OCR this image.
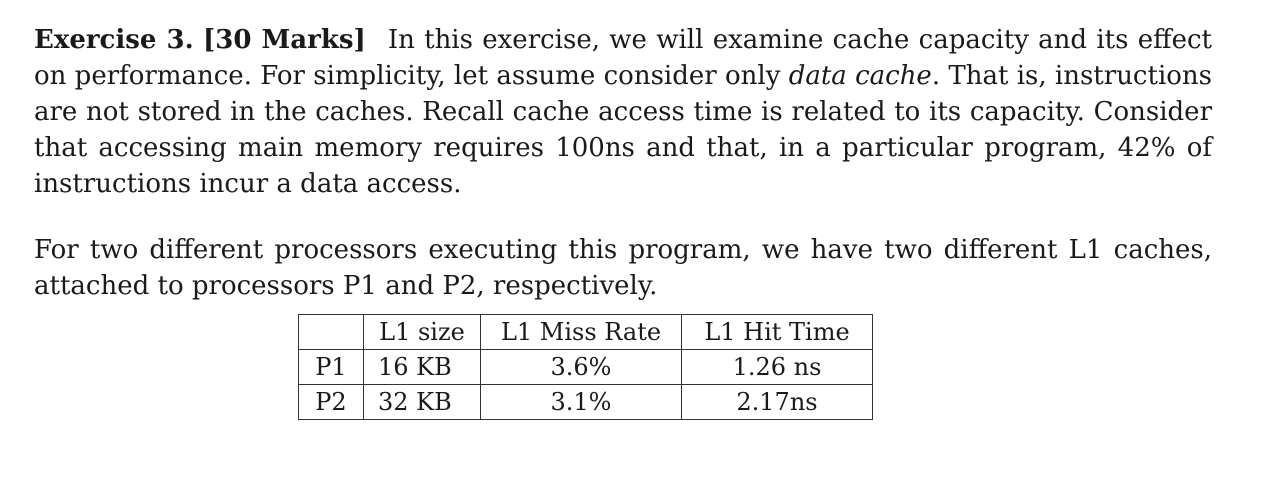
Exercise 3. [30 Marks] In this exercise, we will examine cache capacity and its effect on performance. For simplicity, let assume consider only data cache. That is, instructions are not stored in the caches. Recall cache access time is related to its capacity. Consider that accessing main memory requires 100ns and that, in a particular program, 42% of instructions incur a data access.

For two different processors executing this program, we have two different L1 caches, attached to processors P1 and P2, respectively.

	L1 size	L1 Miss Rate	L1 Hit Time
P1	16 KB	3.6%	1.26 ns
P2	32 KB	3.1%	2.17ns
